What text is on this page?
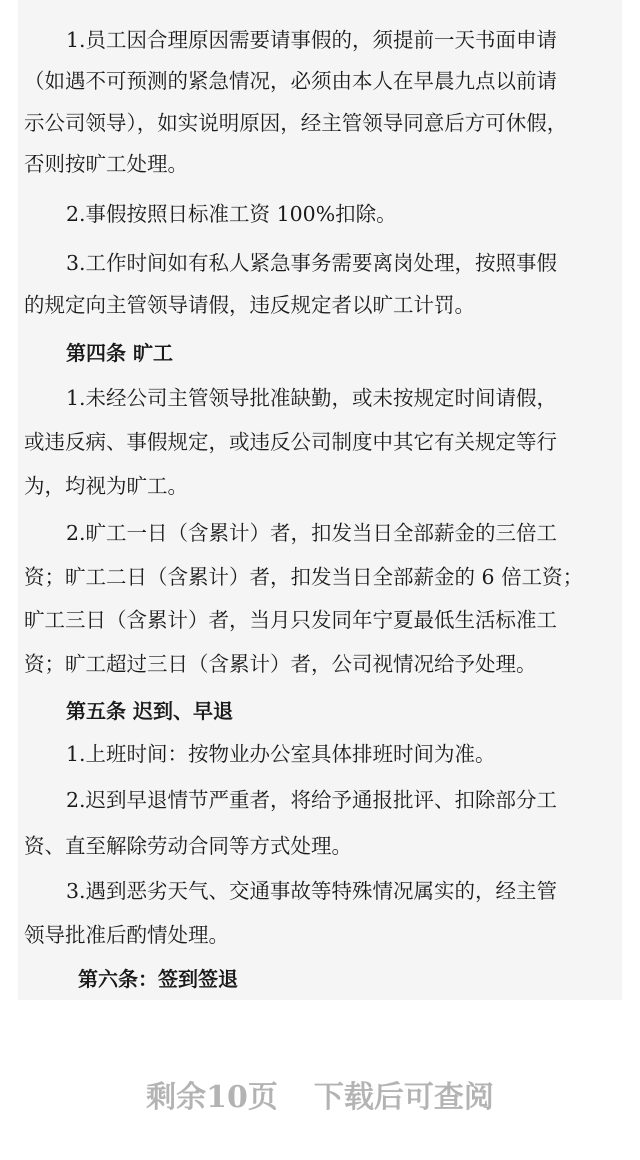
1.员工因合理原因需要请事假的，须提前一天书面申请
（如遇不可预测的紧急情况，必须由本人在早晨九点以前请
示公司领导），如实说明原因，经主管领导同意后方可休假，
否则按旷工处理。
2.事假按照日标准工资 100%扣除。
3.工作时间如有私人紧急事务需要离岗处理，按照事假
的规定向主管领导请假，违反规定者以旷工计罚。
第四条 旷工
1.未经公司主管领导批准缺勤，或未按规定时间请假，
或违反病、事假规定，或违反公司制度中其它有关规定等行
为，均视为旷工。
2.旷工一日（含累计）者，扣发当日全部薪金的三倍工
资；旷工二日（含累计）者，扣发当日全部薪金的 6 倍工资；
旷工三日（含累计）者，当月只发同年宁夏最低生活标准工
资；旷工超过三日（含累计）者，公司视情况给予处理。
第五条 迟到、早退
1.上班时间：按物业办公室具体排班时间为准。
2.迟到早退情节严重者，将给予通报批评、扣除部分工
资、直至解除劳动合同等方式处理。
3.遇到恶劣天气、交通事故等特殊情况属实的，经主管
领导批准后酌情处理。
第六条：签到签退
剩余10页 下载后可查阅
